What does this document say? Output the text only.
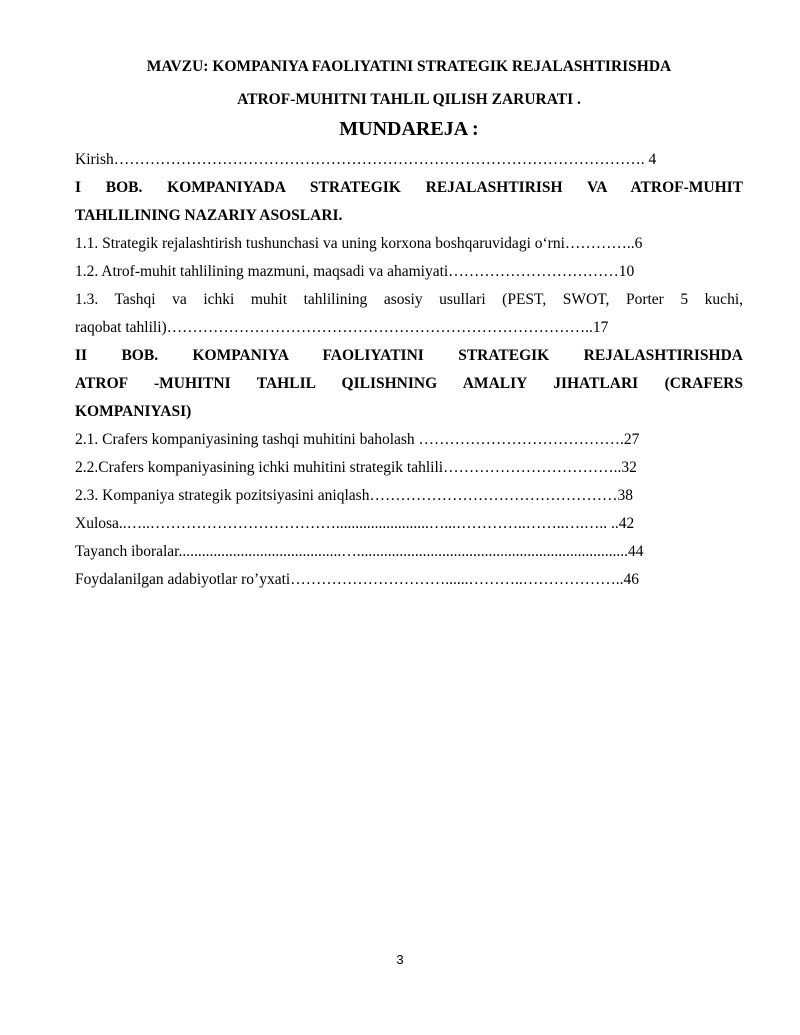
MAVZU: KOMPANIYA FAOLIYATINI STRATEGIK REJALASHTIRISHDA
ATROF-MUHITNI TAHLIL QILISH ZARURATI .
MUNDAREJA :
Kirish…………………………………………………………………………………………. 4
I BOB. KOMPANIYADA STRATEGIK REJALASHTIRISH VA ATROF-MUHIT
TAHLILINING NAZARIY ASOSLARI.
1.1. Strategik rejalashtirish tushunchasi va uning korxona boshqaruvidagi oʻrni…………..6
1.2. Atrof-muhit tahlilining mazmuni, maqsadi va ahamiyati……………………………10
1.3. Tashqi va ichki muhit tahlilining asosiy usullari (PEST, SWOT, Porter 5 kuchi,
raqobat tahlili)………………………………………………………………………..17
II BOB. KOMPANIYA FAOLIYATINI STRATEGIK REJALASHTIRISHDA
ATROF -MUHITNI TAHLIL QILISHNING AMALIY JIHATLARI (CRAFERS
KOMPANIYASI)
2.1. Crafers kompaniyasining tashqi muhitini baholash ………………………………….27
2.2.Crafers kompaniyasining ichki muhitini strategik tahlili……………………………..32
2.3. Kompaniya strategik pozitsiyasini aniqlash…………………………………………38
Xulosa..…..………………………………........................…...…………..……..….….. ..42
Tayanch iboralar..........................................…......................................................................44
Foydalanilgan adabiyotlar ro’yxati…………………………......………..………………..46
3
